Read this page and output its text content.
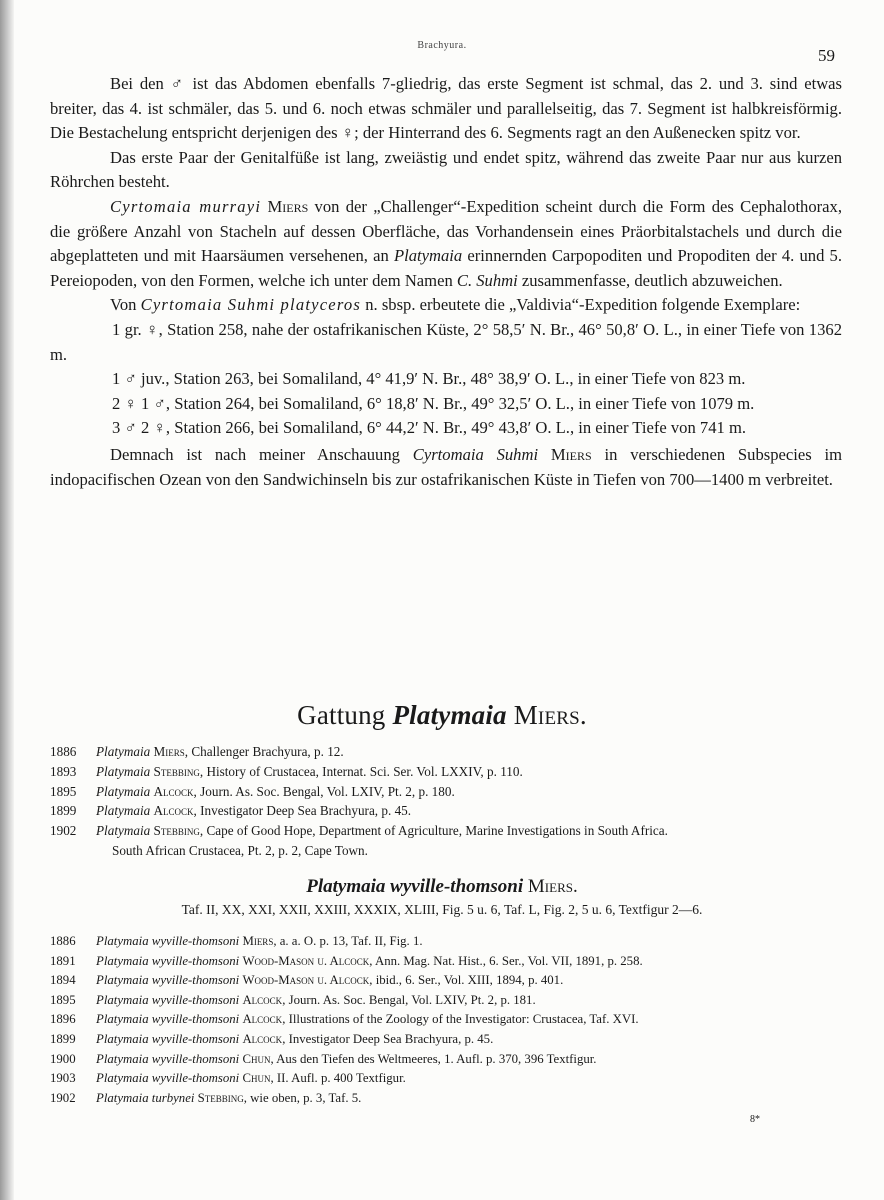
Brachyura.
59

Bei den ♂ ist das Abdomen ebenfalls 7-gliedrig, das erste Segment ist schmal, das 2. und 3. sind etwas breiter, das 4. ist schmäler, das 5. und 6. noch etwas schmäler und parallelseitig, das 7. Segment ist halbkreisförmig. Die Bestachelung entspricht derjenigen des ♀; der Hinterrand des 6. Segments ragt an den Außenecken spitz vor.

Das erste Paar der Genitalfüße ist lang, zweiästig und endet spitz, während das zweite Paar nur aus kurzen Röhrchen besteht.

Cyrtomaia murrayi Miers von der „Challenger“-Expedition scheint durch die Form des Cephalothorax, die größere Anzahl von Stacheln auf dessen Oberfläche, das Vorhandensein eines Präorbitalstachels und durch die abgeplatteten und mit Haarsäumen versehenen, an Platymaia erinnernden Carpopoditen und Propoditen der 4. und 5. Pereiopoden, von den Formen, welche ich unter dem Namen C. Suhmi zusammenfasse, deutlich abzuweichen.

Von Cyrtomaia Suhmi platyceros n. sbsp. erbeutete die „Valdivia“-Expedition folgende Exemplare:

1 gr. ♀, Station 258, nahe der ostafrikanischen Küste, 2° 58,5′ N. Br., 46° 50,8′ O. L., in einer Tiefe von 1362 m.

1 ♂ juv., Station 263, bei Somaliland, 4° 41,9′ N. Br., 48° 38,9′ O. L., in einer Tiefe von 823 m.

2 ♀ 1 ♂, Station 264, bei Somaliland, 6° 18,8′ N. Br., 49° 32,5′ O. L., in einer Tiefe von 1079 m.

3 ♂ 2 ♀, Station 266, bei Somaliland, 6° 44,2′ N. Br., 49° 43,8′ O. L., in einer Tiefe von 741 m.

Demnach ist nach meiner Anschauung Cyrtomaia Suhmi Miers in verschiedenen Subspecies im indopacifischen Ozean von den Sandwichinseln bis zur ostafrikanischen Küste in Tiefen von 700—1400 m verbreitet.

Gattung Platymaia Miers.
1886 Platymaia Miers, Challenger Brachyura, p. 12.
1893 Platymaia Stebbing, History of Crustacea, Internat. Sci. Ser. Vol. LXXIV, p. 110.
1895 Platymaia Alcock, Journ. As. Soc. Bengal, Vol. LXIV, Pt. 2, p. 180.
1899 Platymaia Alcock, Investigator Deep Sea Brachyura, p. 45.
1902 Platymaia Stebbing, Cape of Good Hope, Department of Agriculture, Marine Investigations in South Africa.
South African Crustacea, Pt. 2, p. 2, Cape Town.
Platymaia wyville-thomsoni Miers.
Taf. II, XX, XXI, XXII, XXIII, XXXIX, XLIII, Fig. 5 u. 6, Taf. L, Fig. 2, 5 u. 6, Textfigur 2—6.
1886 Platymaia wyville-thomsoni Miers, a. a. O. p. 13, Taf. II, Fig. 1.
1891 Platymaia wyville-thomsoni Wood-Mason u. Alcock, Ann. Mag. Nat. Hist., 6. Ser., Vol. VII, 1891, p. 258.
1894 Platymaia wyville-thomsoni Wood-Mason u. Alcock, ibid., 6. Ser., Vol. XIII, 1894, p. 401.
1895 Platymaia wyville-thomsoni Alcock, Journ. As. Soc. Bengal, Vol. LXIV, Pt. 2, p. 181.
1896 Platymaia wyville-thomsoni Alcock, Illustrations of the Zoology of the Investigator: Crustacea, Taf. XVI.
1899 Platymaia wyville-thomsoni Alcock, Investigator Deep Sea Brachyura, p. 45.
1900 Platymaia wyville-thomsoni Chun, Aus den Tiefen des Weltmeeres, 1. Aufl. p. 370, 396 Textfigur.
1903 Platymaia wyville-thomsoni Chun, II. Aufl. p. 400 Textfigur.
1902 Platymaia turbynei Stebbing, wie oben, p. 3, Taf. 5.
8*
